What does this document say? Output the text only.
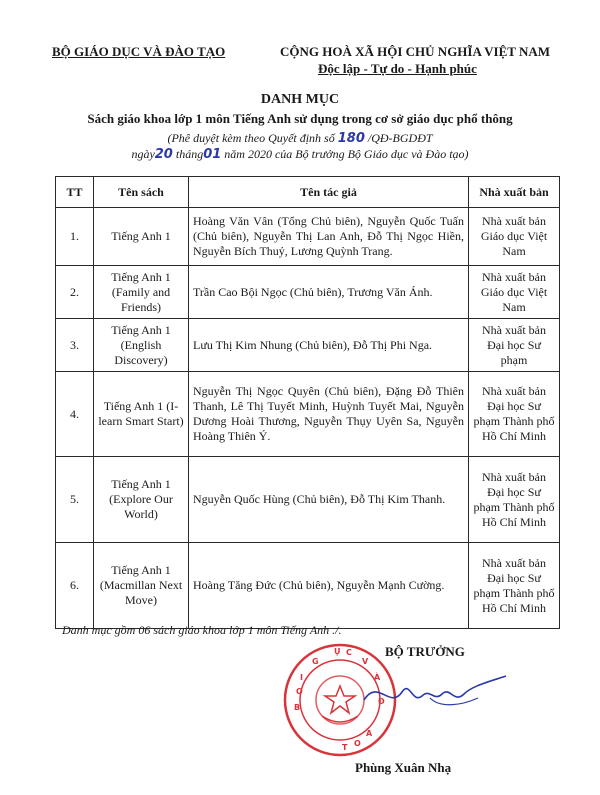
BỘ GIÁO DỤC VÀ ĐÀO TẠO	CỘNG HOÀ XÃ HỘI CHỦ NGHĨA VIỆT NAM
Độc lập - Tự do - Hạnh phúc
DANH MỤC
Sách giáo khoa lớp 1 môn Tiếng Anh sử dụng trong cơ sở giáo dục phổ thông
(Phê duyệt kèm theo Quyết định số 180 /QĐ-BGDĐT
ngày20 tháng01 năm 2020 của Bộ trưởng Bộ Giáo dục và Đào tạo)
TT	Tên sách	Tên tác giả	Nhà xuất bản
1.	Tiếng Anh 1	Hoàng Văn Vân (Tổng Chủ biên), Nguyễn Quốc Tuấn (Chủ biên), Nguyễn Thị Lan Anh, Đỗ Thị Ngọc Hiền, Nguyễn Bích Thuỷ, Lương Quỳnh Trang.	Nhà xuất bản Giáo dục Việt Nam
2.	Tiếng Anh 1 (Family and Friends)	Trần Cao Bội Ngọc (Chủ biên), Trương Văn Ánh.	Nhà xuất bản Giáo dục Việt Nam
3.	Tiếng Anh 1 (English Discovery)	Lưu Thị Kim Nhung (Chủ biên), Đỗ Thị Phi Nga.	Nhà xuất bản Đại học Sư phạm
4.	Tiếng Anh 1 (I-learn Smart Start)	Nguyễn Thị Ngọc Quyên (Chủ biên), Đặng Đỗ Thiên Thanh, Lê Thị Tuyết Minh, Huỳnh Tuyết Mai, Nguyễn Dương Hoài Thương, Nguyễn Thụy Uyên Sa, Nguyễn Hoàng Thiên Ý.	Nhà xuất bản Đại học Sư phạm Thành phố Hồ Chí Minh
5.	Tiếng Anh 1 (Explore Our World)	Nguyễn Quốc Hùng (Chủ biên), Đỗ Thị Kim Thanh.	Nhà xuất bản Đại học Sư phạm Thành phố Hồ Chí Minh
6.	Tiếng Anh 1 (Macmillan Next Move)	Hoàng Tăng Đức (Chủ biên), Nguyễn Mạnh Cường.	Nhà xuất bản Đại học Sư phạm Thành phố Hồ Chí Minh
Danh mục gồm 06 sách giáo khoa lớp 1 môn Tiếng Anh ./.
Ụ C
V
À
O
I
G
B
Đ
O
A
T
BỘ TRƯỞNG
Phùng Xuân Nhạ
